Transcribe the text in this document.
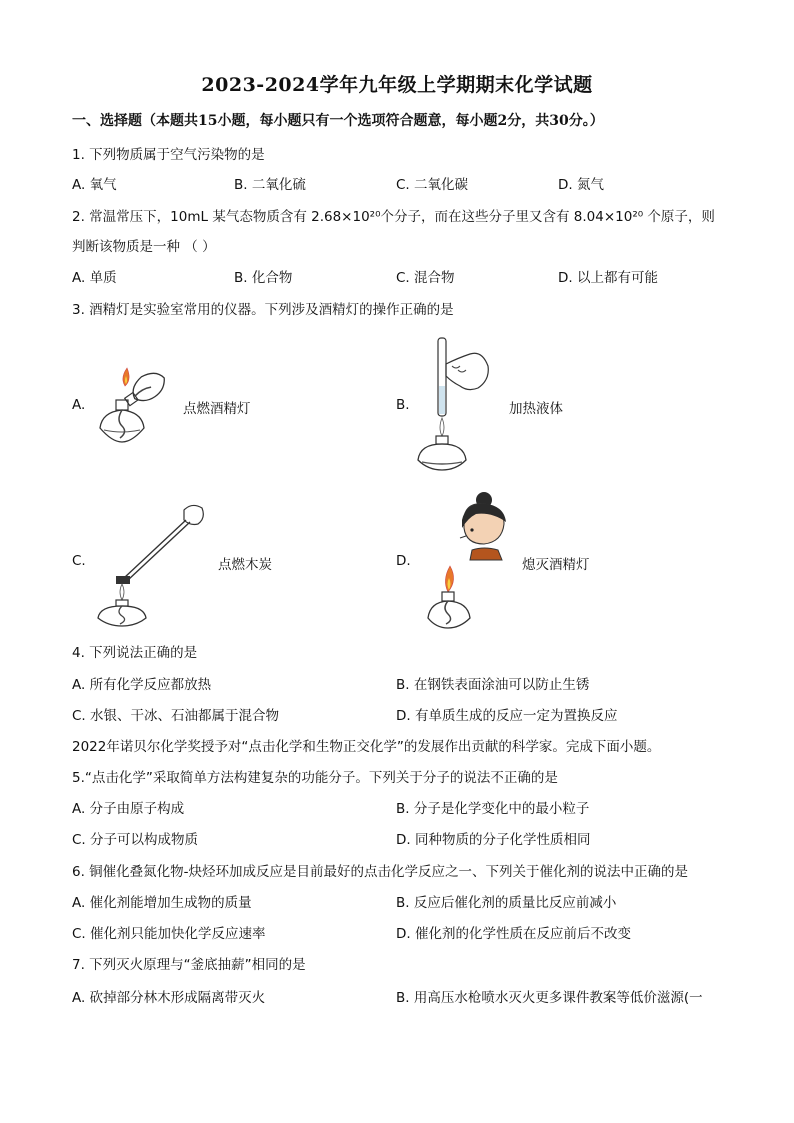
2023-2024学年九年级上学期期末化学试题
一、选择题（本题共15小题，每小题只有一个选项符合题意，每小题2分，共30分。）
1. 下列物质属于空气污染物的是
A. 氧气	B. 二氧化硫	C. 二氧化碳	D. 氮气
2. 常温常压下，10mL 某气态物质含有 2.68×10²⁰个分子，而在这些分子里又含有 8.04×10²⁰ 个原子，则
判断该物质是一种 （ ）
A. 单质	B. 化合物	C. 混合物	D. 以上都有可能
3. 酒精灯是实验室常用的仪器。下列涉及酒精灯的操作正确的是
A.	点燃酒精灯	B.	加热液体
C.	点燃木炭	D.	熄灭酒精灯
4. 下列说法正确的是
A. 所有化学反应都放热	B. 在钢铁表面涂油可以防止生锈
C. 水银、干冰、石油都属于混合物	D. 有单质生成的反应一定为置换反应
2022年诺贝尔化学奖授予对“点击化学和生物正交化学”的发展作出贡献的科学家。完成下面小题。
5.“点击化学”采取简单方法构建复杂的功能分子。下列关于分子的说法不正确的是
A. 分子由原子构成	B. 分子是化学变化中的最小粒子
C. 分子可以构成物质	D. 同种物质的分子化学性质相同
6. 铜催化叠氮化物-炔烃环加成反应是目前最好的点击化学反应之一、下列关于催化剂的说法中正确的是
A. 催化剂能增加生成物的质量	B. 反应后催化剂的质量比反应前减小
C. 催化剂只能加快化学反应速率	D. 催化剂的化学性质在反应前后不改变
7. 下列灭火原理与“釜底抽薪”相同的是
A. 砍掉部分林木形成隔离带灭火	B. 用高压水枪喷水灭火更多课件教案等低价滋源(一
